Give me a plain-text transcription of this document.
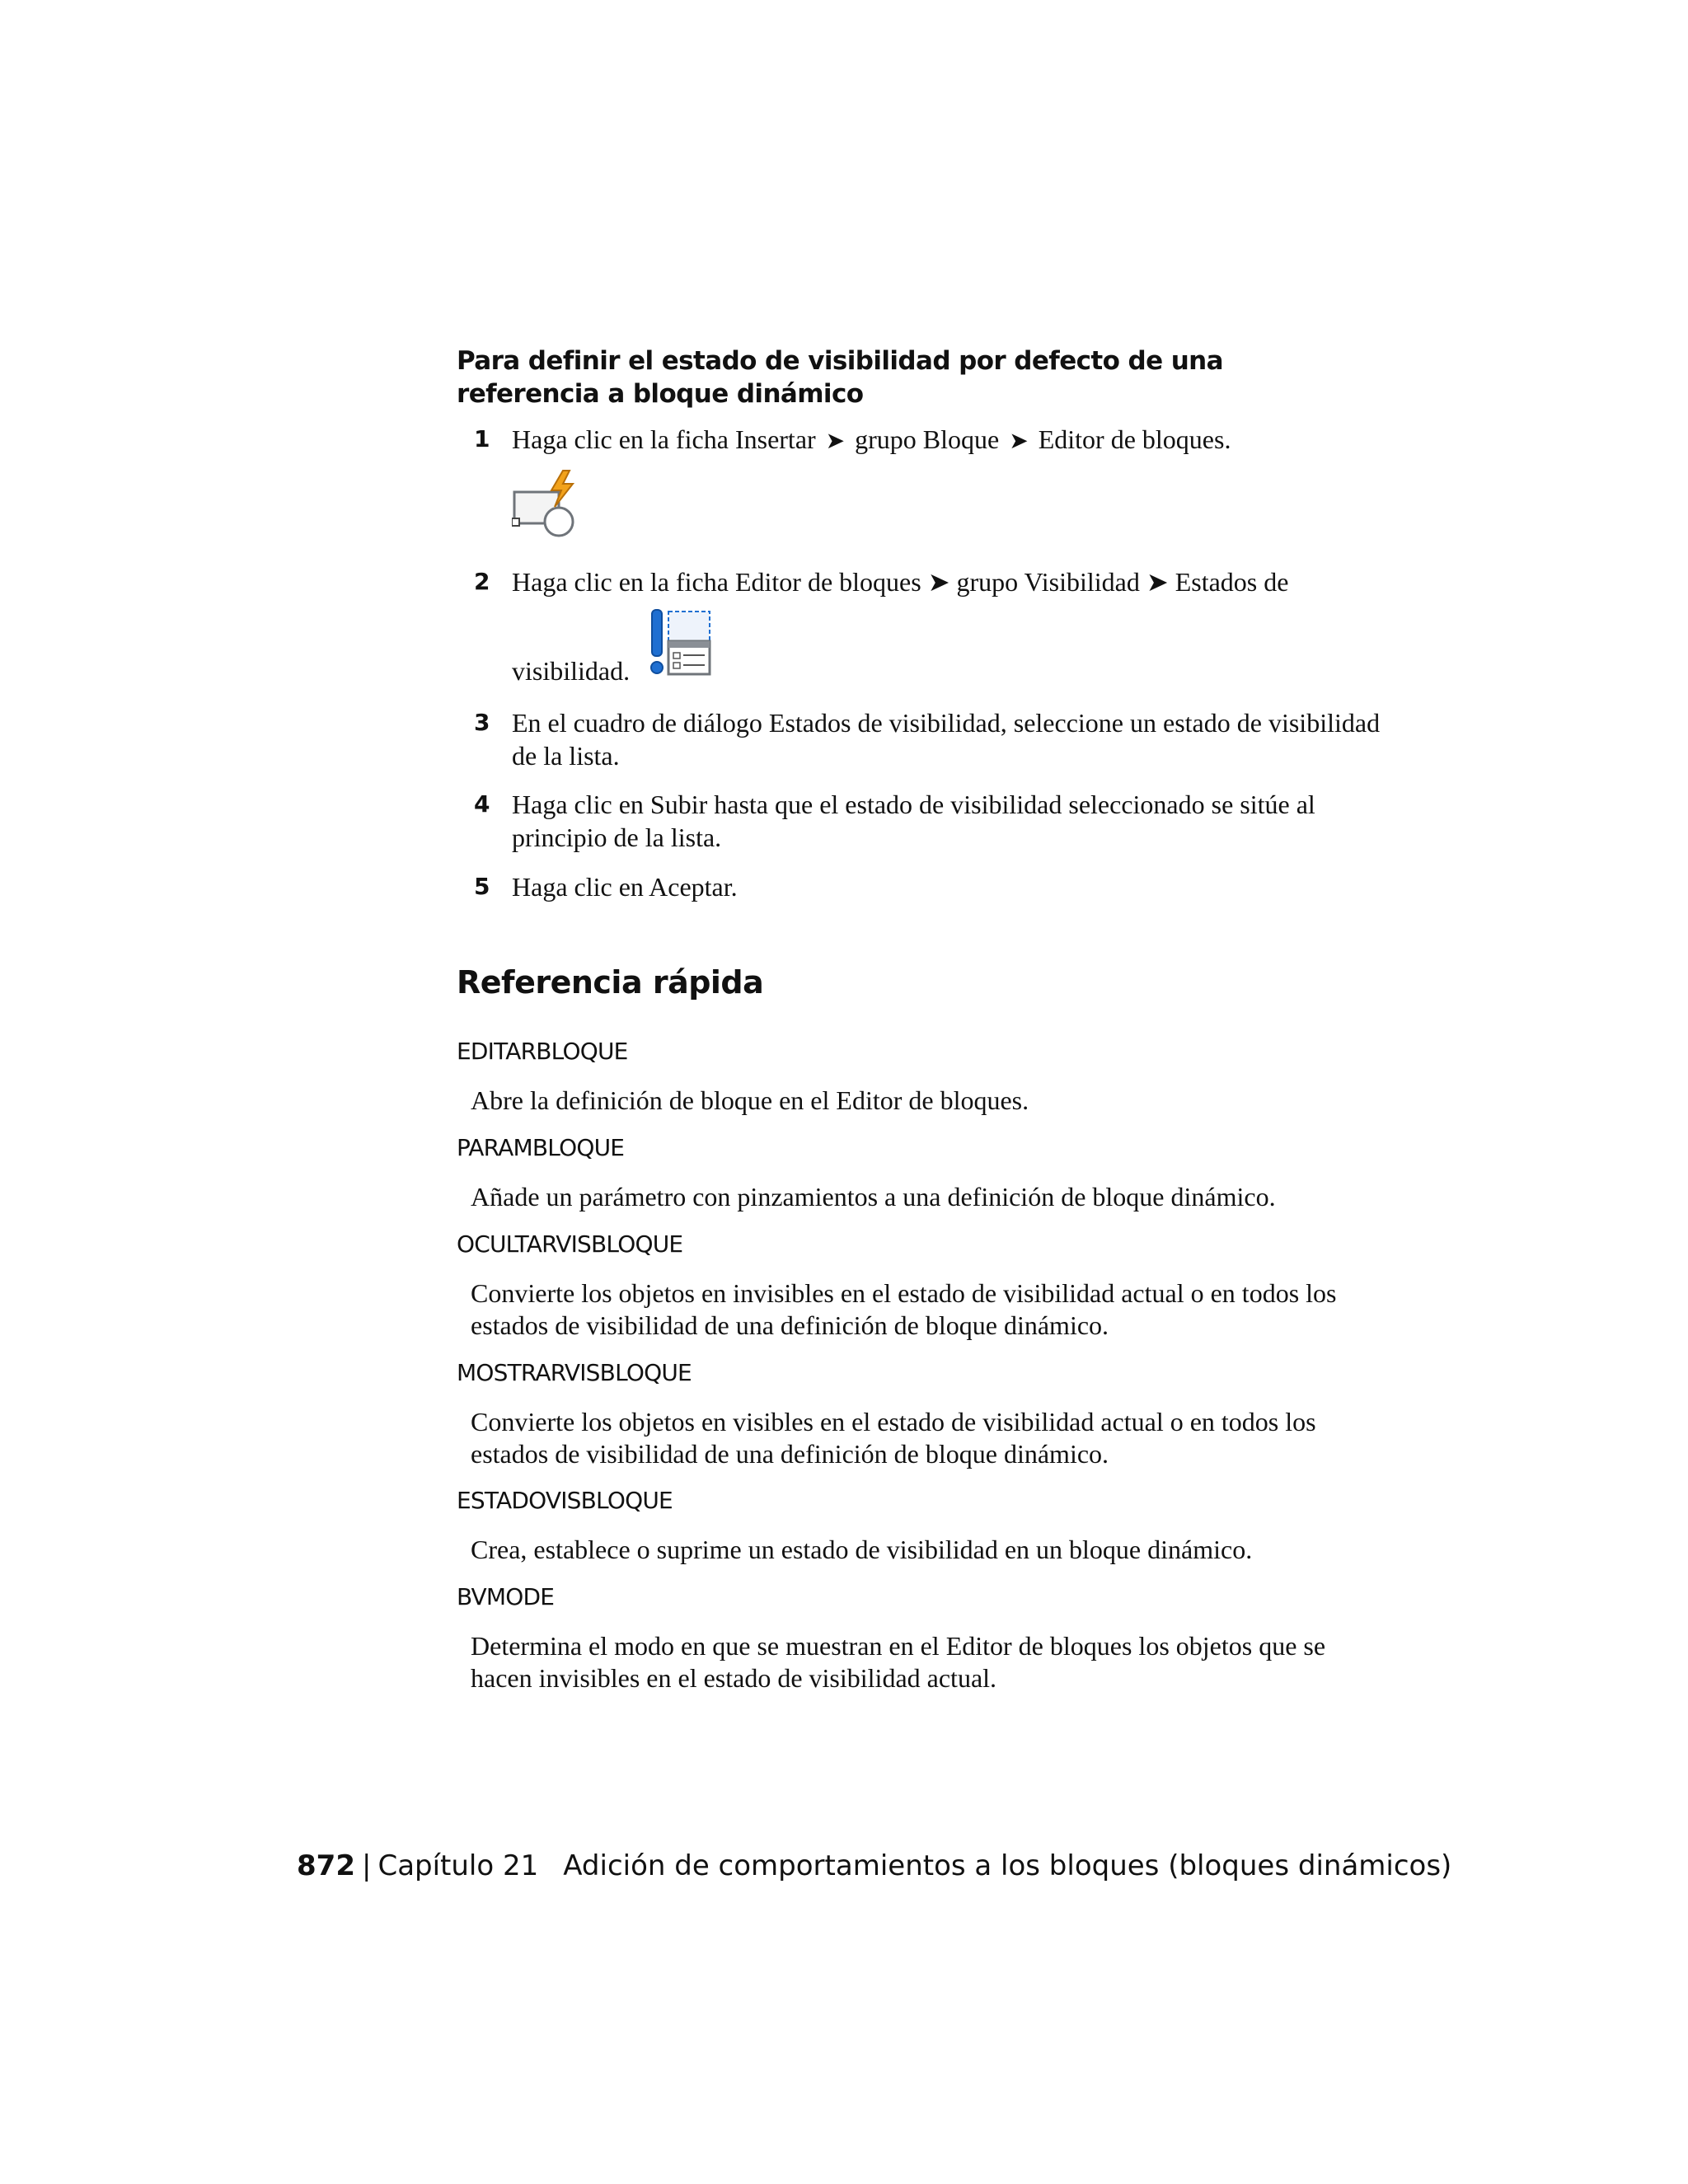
Para definir el estado de visibilidad por defecto de una referencia a bloque dinámico
1 Haga clic en la ficha Insertar ➤ grupo Bloque ➤ Editor de bloques.
2 Haga clic en la ficha Editor de bloques ➤ grupo Visibilidad ➤ Estados de
visibilidad.
3 En el cuadro de diálogo Estados de visibilidad, seleccione un estado de visibilidad de la lista.
4 Haga clic en Subir hasta que el estado de visibilidad seleccionado se sitúe al principio de la lista.
5 Haga clic en Aceptar.
Referencia rápida
EDITARBLOQUE
Abre la definición de bloque en el Editor de bloques.
PARAMBLOQUE
Añade un parámetro con pinzamientos a una definición de bloque dinámico.
OCULTARVISBLOQUE
Convierte los objetos en invisibles en el estado de visibilidad actual o en todos los estados de visibilidad de una definición de bloque dinámico.
MOSTRARVISBLOQUE
Convierte los objetos en visibles en el estado de visibilidad actual o en todos los estados de visibilidad de una definición de bloque dinámico.
ESTADOVISBLOQUE
Crea, establece o suprime un estado de visibilidad en un bloque dinámico.
BVMODE
Determina el modo en que se muestran en el Editor de bloques los objetos que se hacen invisibles en el estado de visibilidad actual.
872 | Capítulo 21 Adición de comportamientos a los bloques (bloques dinámicos)
